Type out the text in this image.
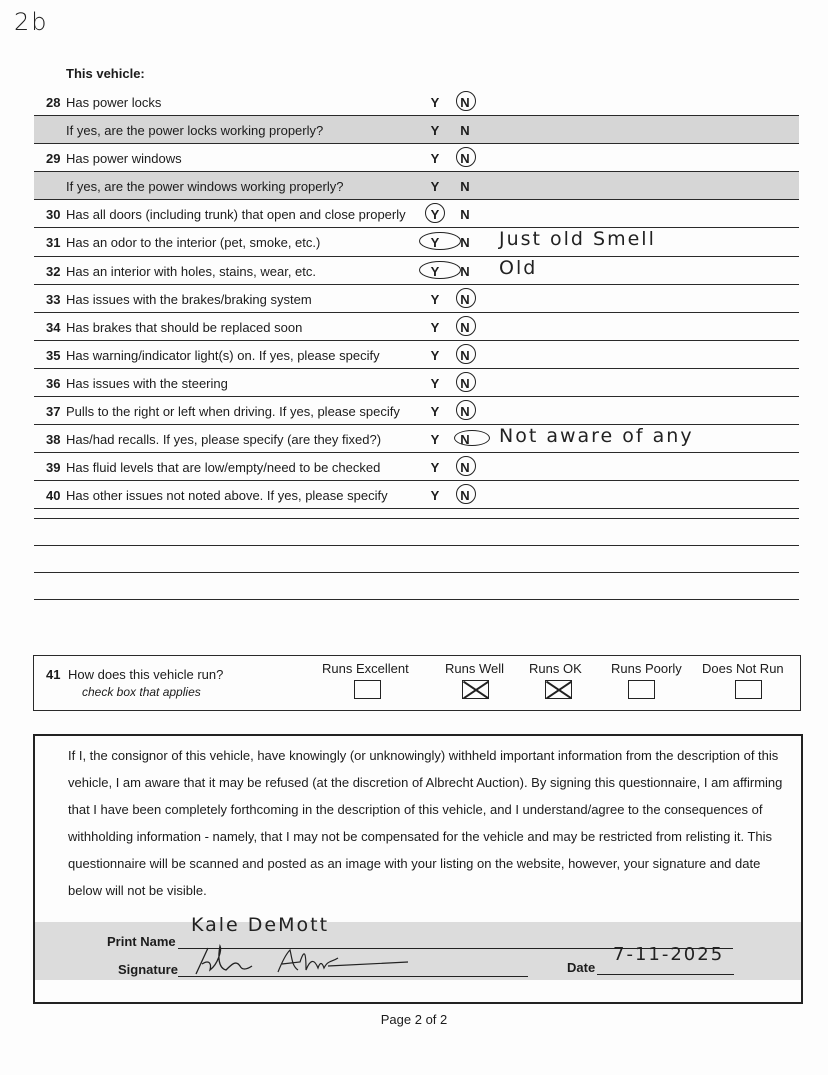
2b
This vehicle:
28 Has power locks	Y N
If yes, are the power locks working properly?	Y N
29 Has power windows	Y N
If yes, are the power windows working properly?	Y N
30 Has all doors (including trunk) that open and close properly Y N
31 Has an odor to the interior (pet, smoke, etc.)	Y N Just old Smell
32 Has an interior with holes, stains, wear, etc.	Y N Old
33 Has issues with the brakes/braking system	Y N
34 Has brakes that should be replaced soon	Y N
35 Has warning/indicator light(s) on. If yes, please specify	Y N
36 Has issues with the steering	Y N
37 Pulls to the right or left when driving. If yes, please specify Y N
38 Has/had recalls. If yes, please specify (are they fixed?)	Y N Not aware of any
39 Has fluid levels that are low/empty/need to be checked	Y N
40 Has other issues not noted above. If yes, please specify	Y N
41 How does this vehicle run?
check box that applies
Runs Excellent	Runs Well Runs OK Runs Poorly Does Not Run
If I, the consignor of this vehicle, have knowingly (or unknowingly) withheld important information from the description of this vehicle, I am aware that it may be refused (at the discretion of Albrecht Auction). By signing this questionnaire, I am affirming that I have been completely forthcoming in the description of this vehicle, and I understand/agree to the consequences of withholding information - namely, that I may not be compensated for the vehicle and may be restricted from relisting it. This questionnaire will be scanned and posted as an image with your listing on the website, however, your signature and date below will not be visible.
Print Name
Kale DeMott
Signature	Date
7-11-2025
Page 2 of 2
